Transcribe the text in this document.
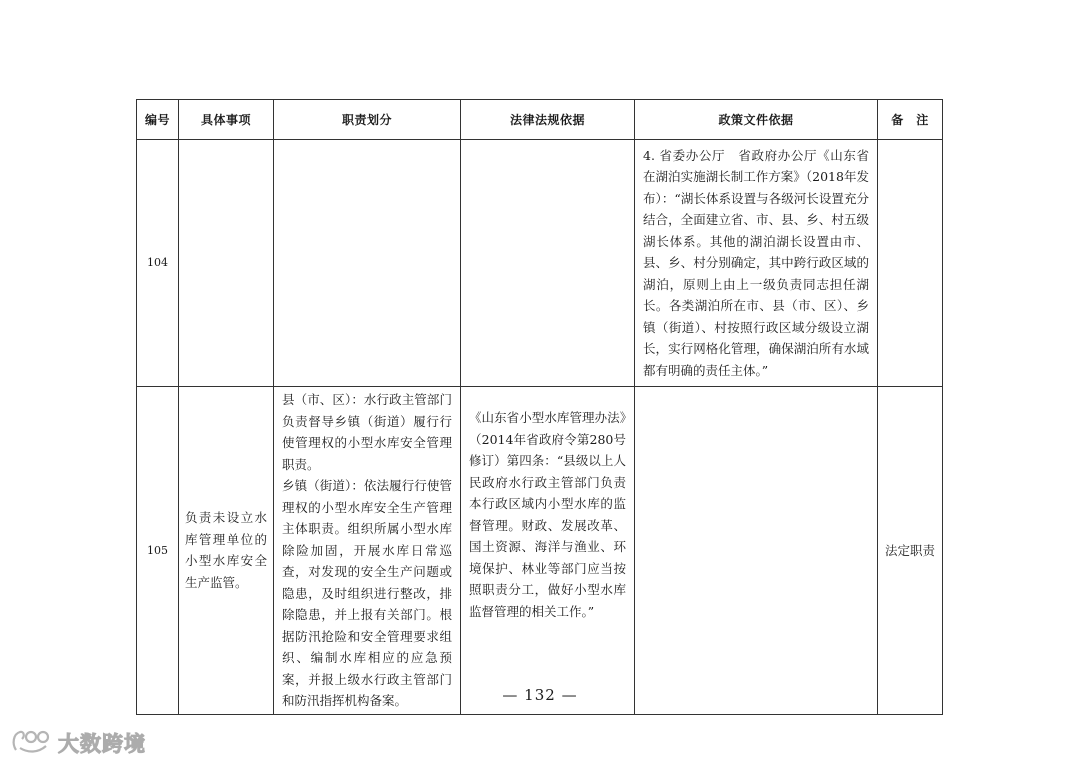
编号	具体事项	职责划分	法律法规依据	政策文件依据	备　注
104				4. 省委办公厅　省政府办公厅《山东省在湖泊实施湖长制工作方案》（2018年发布）：“湖长体系设置与各级河长设置充分结合，全面建立省、市、县、乡、村五级湖长体系。其他的湖泊湖长设置由市、县、乡、村分别确定，其中跨行政区域的湖泊，原则上由上一级负责同志担任湖长。各类湖泊所在市、县（市、区）、乡镇（街道）、村按照行政区域分级设立湖长，实行网格化管理，确保湖泊所有水域都有明确的责任主体。”	
105	负责未设立水库管理单位的小型水库安全生产监管。	县（市、区）：水行政主管部门负责督导乡镇（街道）履行行使管理权的小型水库安全管理职责。
乡镇（街道）：依法履行行使管理权的小型水库安全生产管理主体职责。组织所属小型水库除险加固，开展水库日常巡查，对发现的安全生产问题或隐患，及时组织进行整改，排除隐患，并上报有关部门。根据防汛抢险和安全管理要求组织、编制水库相应的应急预案，并报上级水行政主管部门和防汛指挥机构备案。	《山东省小型水库管理办法》（2014年省政府令第280号修订）第四条：“县级以上人民政府水行政主管部门负责本行政区域内小型水库的监督管理。财政、发展改革、国土资源、海洋与渔业、环境保护、林业等部门应当按照职责分工，做好小型水库监督管理的相关工作。”		法定职责
— 132 —
大数跨境
